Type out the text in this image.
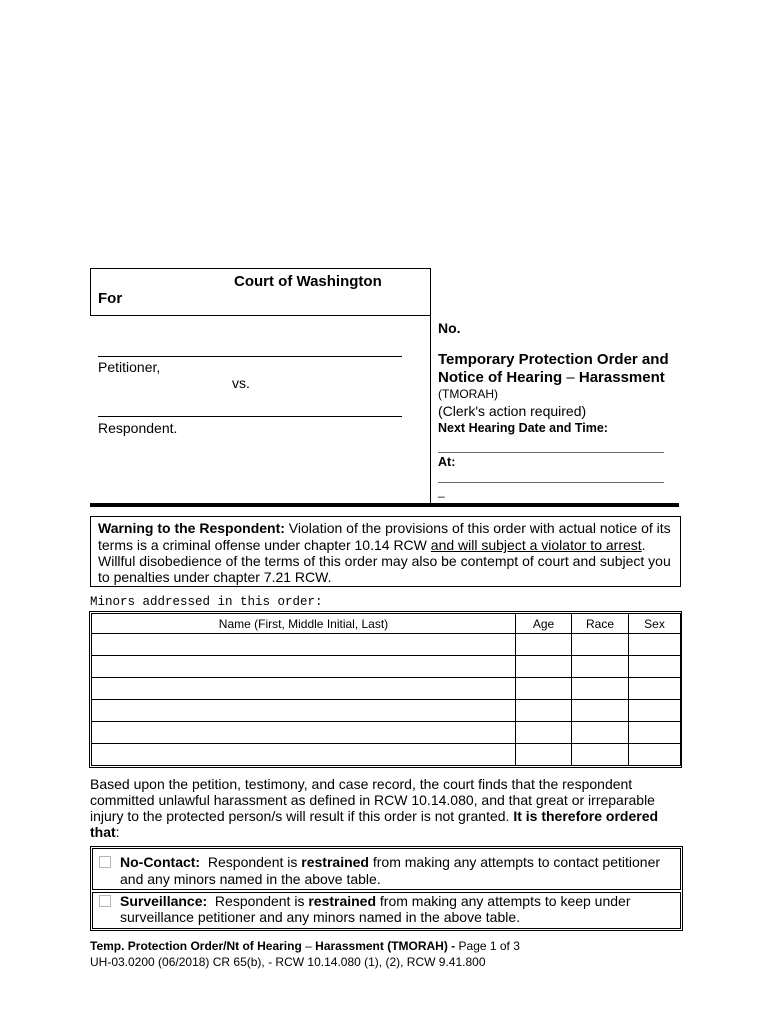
Court of Washington
For
Petitioner,
vs.
Respondent.
No.
Temporary Protection Order and
Notice of Hearing – Harassment
(TMORAH)
(Clerk's action required)
Next Hearing Date and Time:
At:
_
Warning to the Respondent: Violation of the provisions of this order with actual notice of its
terms is a criminal offense under chapter 10.14 RCW and will subject a violator to arrest.
Willful disobedience of the terms of this order may also be contempt of court and subject you
to penalties under chapter 7.21 RCW.
Minors addressed in this order:
Name (First, Middle Initial, Last)	Age	Race	Sex

Based upon the petition, testimony, and case record, the court finds that the respondent
committed unlawful harassment as defined in RCW 10.14.080, and that great or irreparable
injury to the protected person/s will result if this order is not granted. It is therefore ordered
that:
No-Contact:  Respondent is restrained from making any attempts to contact petitioner
and any minors named in the above table.
Surveillance:  Respondent is restrained from making any attempts to keep under
surveillance petitioner and any minors named in the above table.
Temp. Protection Order/Nt of Hearing – Harassment (TMORAH) - Page 1 of 3
UH-03.0200 (06/2018) CR 65(b), - RCW 10.14.080 (1), (2), RCW 9.41.800
